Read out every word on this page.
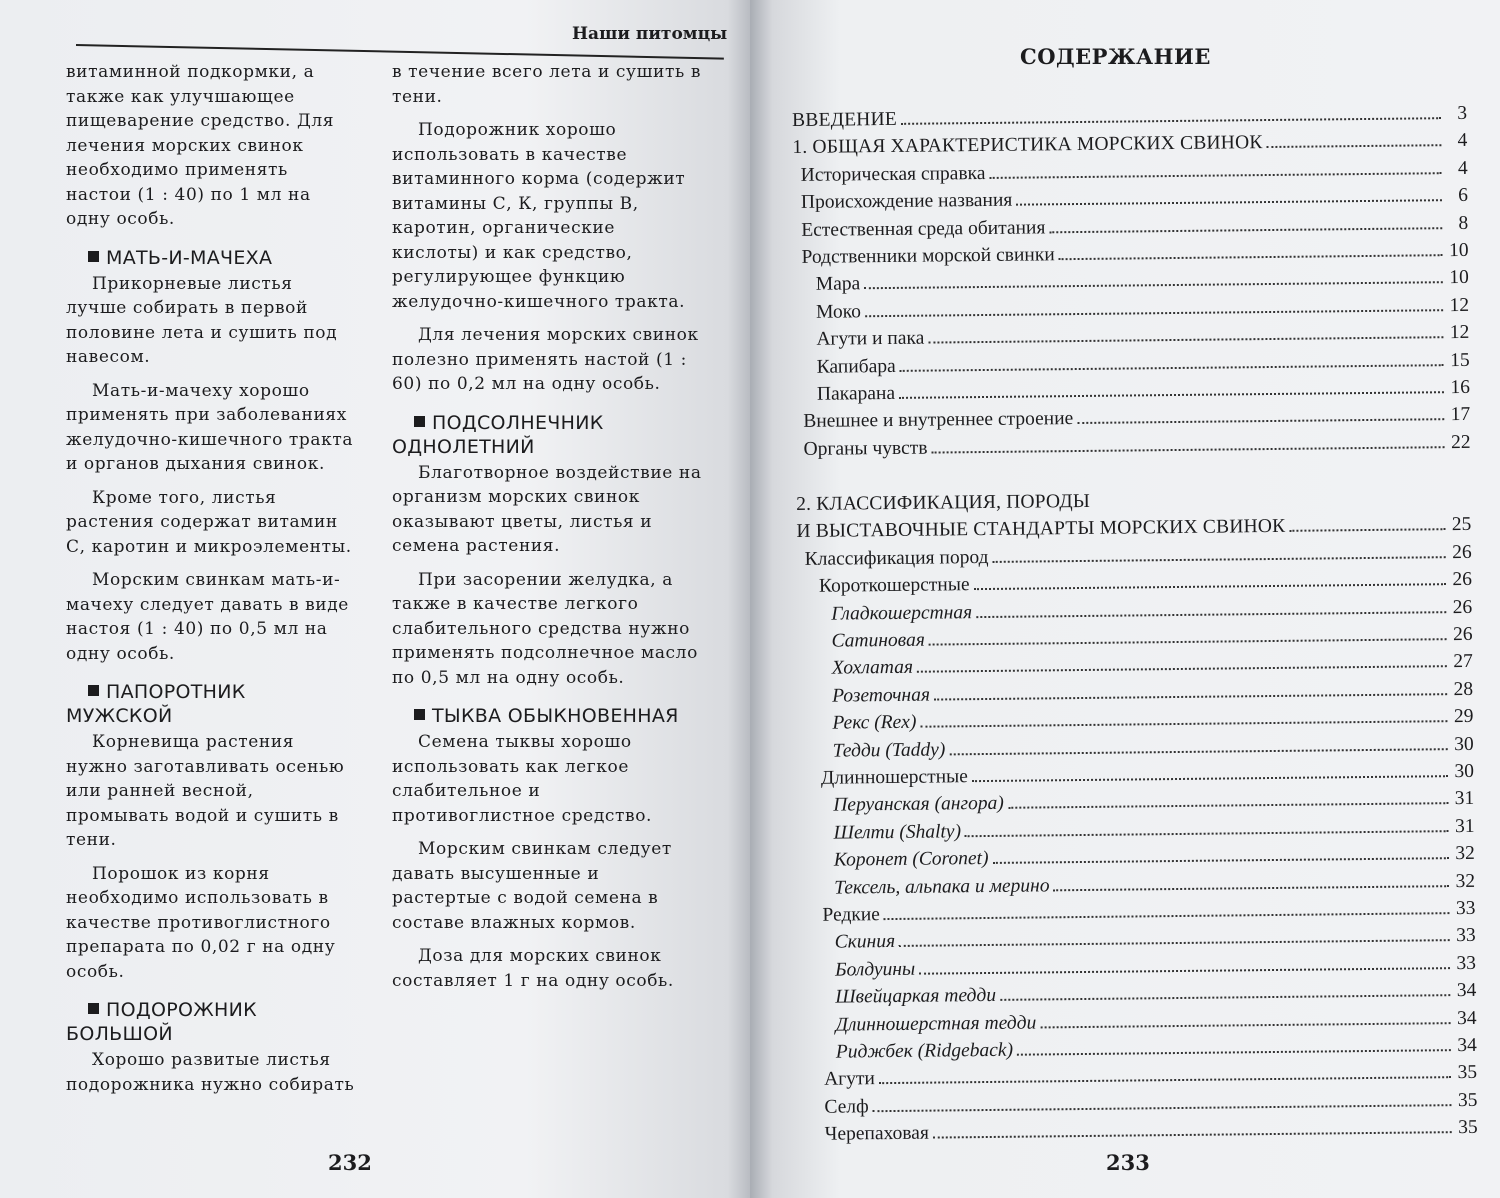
Наши питомцы

витаминной подкормки, а также как улучшающее пищеварение средство. Для лечения морских свинок необходимо применять настои (1 : 40) по 1 мл на одну особь.

МАТЬ-И-МАЧЕХА

Прикорневые листья лучше собирать в первой половине лета и сушить под навесом.

Мать-и-мачеху хорошо применять при заболеваниях желудочно-кишечного тракта и органов дыхания свинок.

Кроме того, листья растения содержат витамин С, каротин и микроэлементы.

Морским свинкам мать-и-мачеху следует давать в виде настоя (1 : 40) по 0,5 мл на одну особь.

ПАПОРОТНИК МУЖСКОЙ

Корневища растения нужно заготавливать осенью или ранней весной, промывать водой и сушить в тени.

Порошок из корня необходимо использовать в качестве противоглистного препарата по 0,02 г на одну особь.

ПОДОРОЖНИК БОЛЬШОЙ

Хорошо развитые листья подорожника нужно собирать

в течение всего лета и сушить в тени.

Подорожник хорошо использовать в качестве витаминного корма (содержит витамины С, К, группы В, каротин, органические кислоты) и как средство, регулирующее функцию желудочно-кишечного тракта.

Для лечения морских свинок полезно применять настой (1 : 60) по 0,2 мл на одну особь.

ПОДСОЛНЕЧНИК ОДНОЛЕТНИЙ

Благотворное воздействие на организм морских свинок оказывают цветы, листья и семена растения.

При засорении желудка, а также в качестве легкого слабительного средства нужно применять подсолнечное масло по 0,5 мл на одну особь.

ТЫКВА ОБЫКНОВЕННАЯ

Семена тыквы хорошо использовать как легкое слабительное и противоглистное средство.

Морским свинкам следует давать высушенные и растертые с водой семена в составе влажных кормов.

Доза для морских свинок составляет 1 г на одну особь.

232
СОДЕРЖАНИЕ
ВВЕДЕНИЕ	3
1. ОБЩАЯ ХАРАКТЕРИСТИКА МОРСКИХ СВИНОК	4
Историческая справка	4
Происхождение названия	6
Естественная среда обитания	8
Родственники морской свинки	10
Мара	10
Моко	12
Агути и пака	12
Капибара	15
Пакарана	16
Внешнее и внутреннее строение	17
Органы чувств	22
2. КЛАССИФИКАЦИЯ, ПОРОДЫ
И ВЫСТАВОЧНЫЕ СТАНДАРТЫ МОРСКИХ СВИНОК	25
Классификация пород	26
Короткошерстные	26
Гладкошерстная	26
Сатиновая	26
Хохлатая	27
Розеточная	28
Рекс (Rex)	29
Тедди (Taddy)	30
Длинношерстные	30
Перуанская (ангора)	31
Шелти (Shalty)	31
Коронет (Coronet)	32
Тексель, альпака и мерино	32
Редкие	33
Скиния	33
Болдуины	33
Швейцаркая тедди	34
Длинношерстная тедди	34
Риджбек (Ridgeback)	34
Агути	35
Селф	35
Черепаховая	35
233
